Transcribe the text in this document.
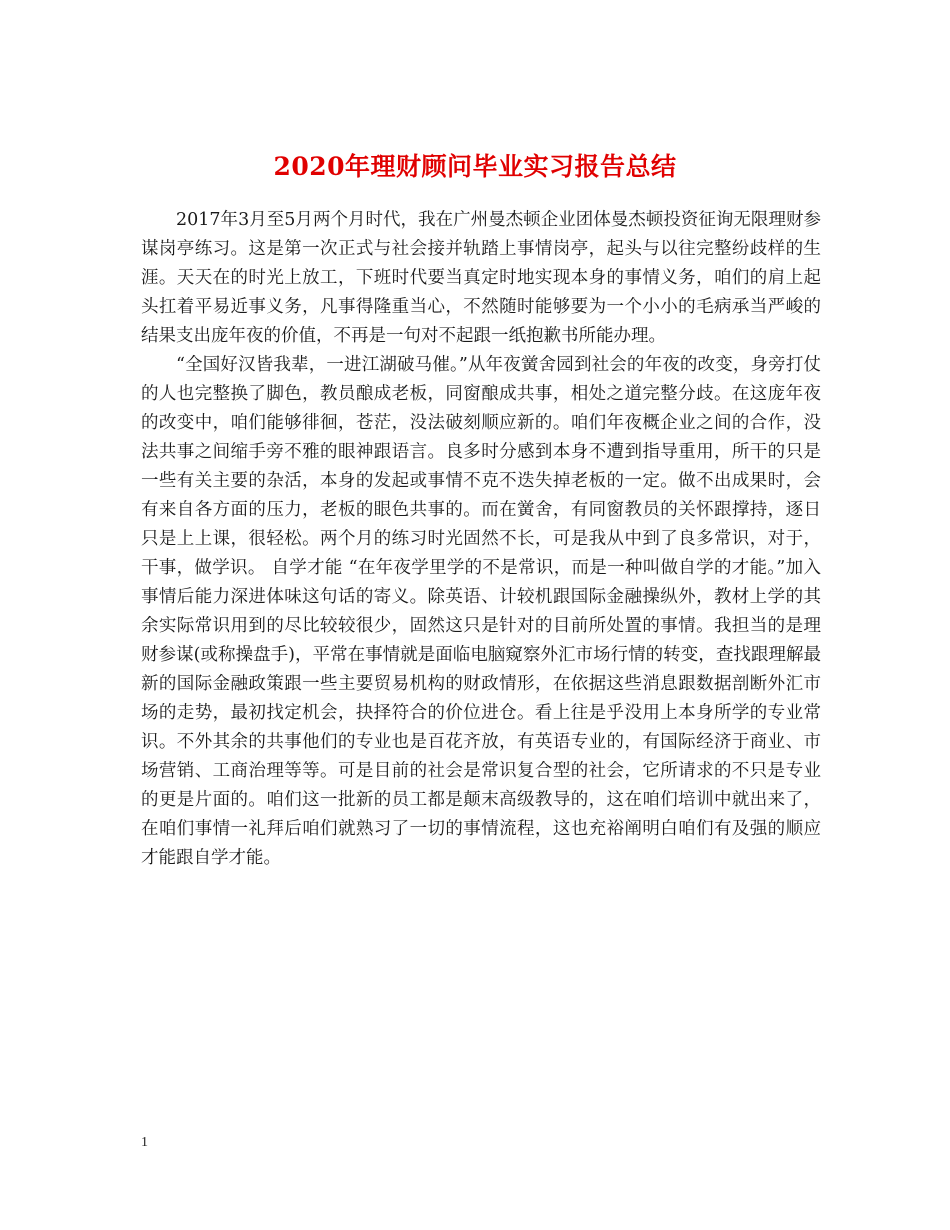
2020年理财顾问毕业实习报告总结

2017年3月至5月两个月时代，我在广州曼杰顿企业团体曼杰顿投资征询无限理财参谋岗亭练习。这是第一次正式与社会接并轨踏上事情岗亭，起头与以往完整纷歧样的生涯。天天在的时光上放工，下班时代要当真定时地实现本身的事情义务，咱们的肩上起头扛着平易近事义务，凡事得隆重当心，不然随时能够要为一个小小的毛病承当严峻的结果支出庞年夜的价值，不再是一句对不起跟一纸抱歉书所能办理。

“全国好汉皆我辈，一进江湖破马催。”从年夜黉舍园到社会的年夜的改变，身旁打仗的人也完整换了脚色，教员酿成老板，同窗酿成共事，相处之道完整分歧。在这庞年夜的改变中，咱们能够徘徊，苍茫，没法破刻顺应新的。咱们年夜概企业之间的合作，没法共事之间缩手旁不雅的眼神跟语言。良多时分感到本身不遭到指导重用，所干的只是一些有关主要的杂活，本身的发起或事情不克不迭失掉老板的一定。做不出成果时，会有来自各方面的压力，老板的眼色共事的。而在黉舍，有同窗教员的关怀跟撑持，逐日只是上上课，很轻松。两个月的练习时光固然不长，可是我从中到了良多常识，对于，干事，做学识。 自学才能 “在年夜学里学的不是常识，而是一种叫做自学的才能。”加入事情后能力深进体味这句话的寄义。除英语、计较机跟国际金融操纵外，教材上学的其余实际常识用到的尽比较较很少，固然这只是针对的目前所处置的事情。我担当的是理财参谋(或称操盘手)，平常在事情就是面临电脑窥察外汇市场行情的转变，查找跟理解最新的国际金融政策跟一些主要贸易机构的财政情形，在依据这些消息跟数据剖断外汇市场的走势，最初找定机会，抉择符合的价位进仓。看上往是乎没用上本身所学的专业常识。不外其余的共事他们的专业也是百花齐放，有英语专业的，有国际经济于商业、市场营销、工商治理等等。可是目前的社会是常识复合型的社会，它所请求的不只是专业的更是片面的。咱们这一批新的员工都是颠末高级教导的，这在咱们培训中就出来了，在咱们事情一礼拜后咱们就熟习了一切的事情流程，这也充裕阐明白咱们有及强的顺应才能跟自学才能。

1
